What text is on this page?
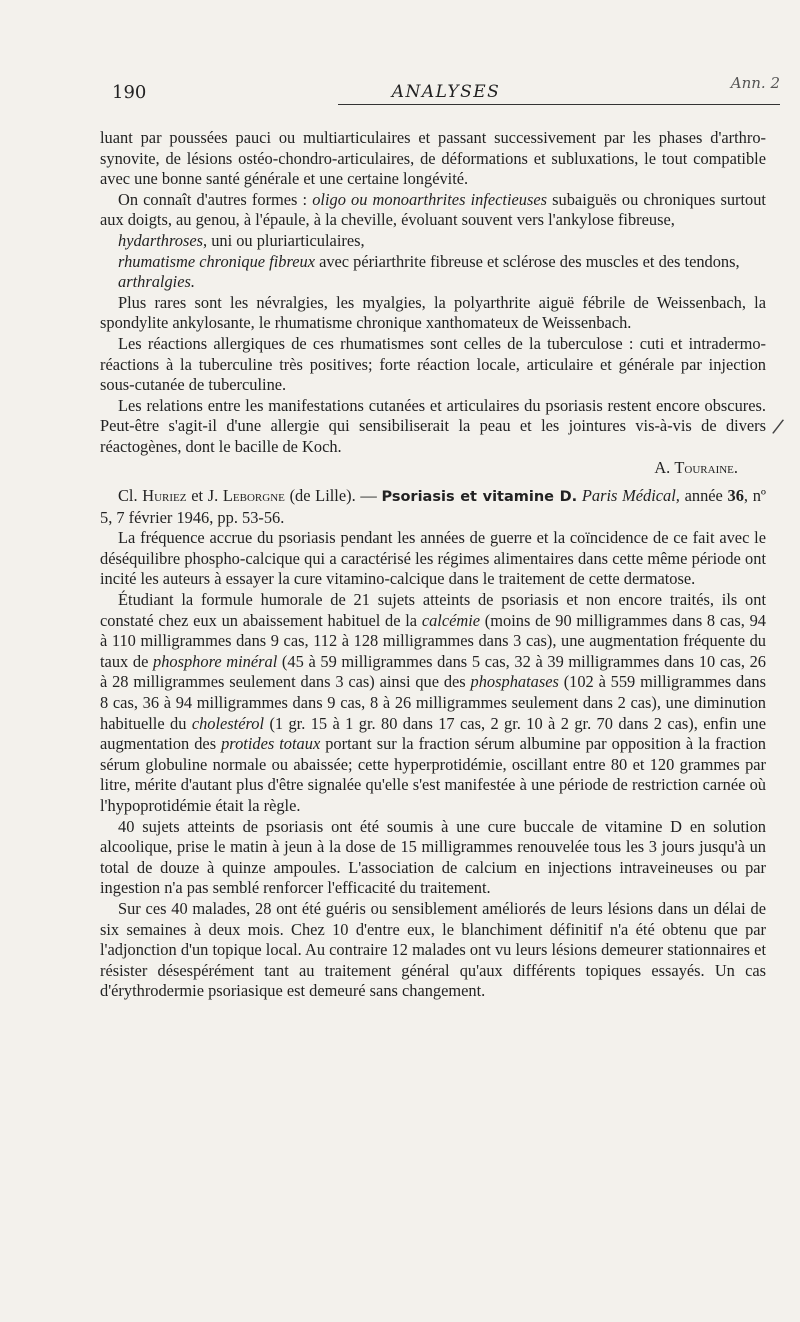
190	ANALYSES	Ann. 2
/

luant par poussées pauci ou multiarticulaires et passant successivement par les phases d'arthro-synovite, de lésions ostéo-chondro-articulaires, de déformations et subluxations, le tout compatible avec une bonne santé générale et une certaine longévité.

On connaît d'autres formes : oligo ou monoarthrites infectieuses subaiguës ou chroniques surtout aux doigts, au genou, à l'épaule, à la cheville, évoluant souvent vers l'ankylose fibreuse,

hydarthroses, uni ou pluriarticulaires,

rhumatisme chronique fibreux avec périarthrite fibreuse et sclérose des muscles et des tendons,

arthralgies.

Plus rares sont les névralgies, les myalgies, la polyarthrite aiguë fébrile de Weissenbach, la spondylite ankylosante, le rhumatisme chronique xanthomateux de Weissenbach.

Les réactions allergiques de ces rhumatismes sont celles de la tuberculose : cuti et intradermo-réactions à la tuberculine très positives; forte réaction locale, articulaire et générale par injection sous-cutanée de tuberculine.

Les relations entre les manifestations cutanées et articulaires du psoriasis restent encore obscures. Peut-être s'agit-il d'une allergie qui sensibiliserait la peau et les jointures vis-à-vis de divers réactogènes, dont le bacille de Koch.

A. Touraine.

Cl. Huriez et J. Leborgne (de Lille). — Psoriasis et vitamine D. Paris Médical, année 36, nº 5, 7 février 1946, pp. 53-56.

La fréquence accrue du psoriasis pendant les années de guerre et la coïncidence de ce fait avec le déséquilibre phospho-calcique qui a caractérisé les régimes alimentaires dans cette même période ont incité les auteurs à essayer la cure vitamino-calcique dans le traitement de cette dermatose.

Étudiant la formule humorale de 21 sujets atteints de psoriasis et non encore traités, ils ont constaté chez eux un abaissement habituel de la calcémie (moins de 90 milligrammes dans 8 cas, 94 à 110 milligrammes dans 9 cas, 112 à 128 milligrammes dans 3 cas), une augmentation fréquente du taux de phosphore minéral (45 à 59 milligrammes dans 5 cas, 32 à 39 milligrammes dans 10 cas, 26 à 28 milligrammes seulement dans 3 cas) ainsi que des phosphatases (102 à 559 milligrammes dans 8 cas, 36 à 94 milligrammes dans 9 cas, 8 à 26 milligrammes seulement dans 2 cas), une diminution habituelle du cholestérol (1 gr. 15 à 1 gr. 80 dans 17 cas, 2 gr. 10 à 2 gr. 70 dans 2 cas), enfin une augmentation des protides totaux portant sur la fraction sérum albumine par opposition à la fraction sérum globuline normale ou abaissée; cette hyperprotidémie, oscillant entre 80 et 120 grammes par litre, mérite d'autant plus d'être signalée qu'elle s'est manifestée à une période de restriction carnée où l'hypoprotidémie était la règle.

40 sujets atteints de psoriasis ont été soumis à une cure buccale de vitamine D en solution alcoolique, prise le matin à jeun à la dose de 15 milligrammes renouvelée tous les 3 jours jusqu'à un total de douze à quinze ampoules. L'association de calcium en injections intraveineuses ou par ingestion n'a pas semblé renforcer l'efficacité du traitement.

Sur ces 40 malades, 28 ont été guéris ou sensiblement améliorés de leurs lésions dans un délai de six semaines à deux mois. Chez 10 d'entre eux, le blanchiment définitif n'a été obtenu que par l'adjonction d'un topique local. Au contraire 12 malades ont vu leurs lésions demeurer stationnaires et résister désespérément tant au traitement général qu'aux différents topiques essayés. Un cas d'érythrodermie psoriasique est demeuré sans changement.
